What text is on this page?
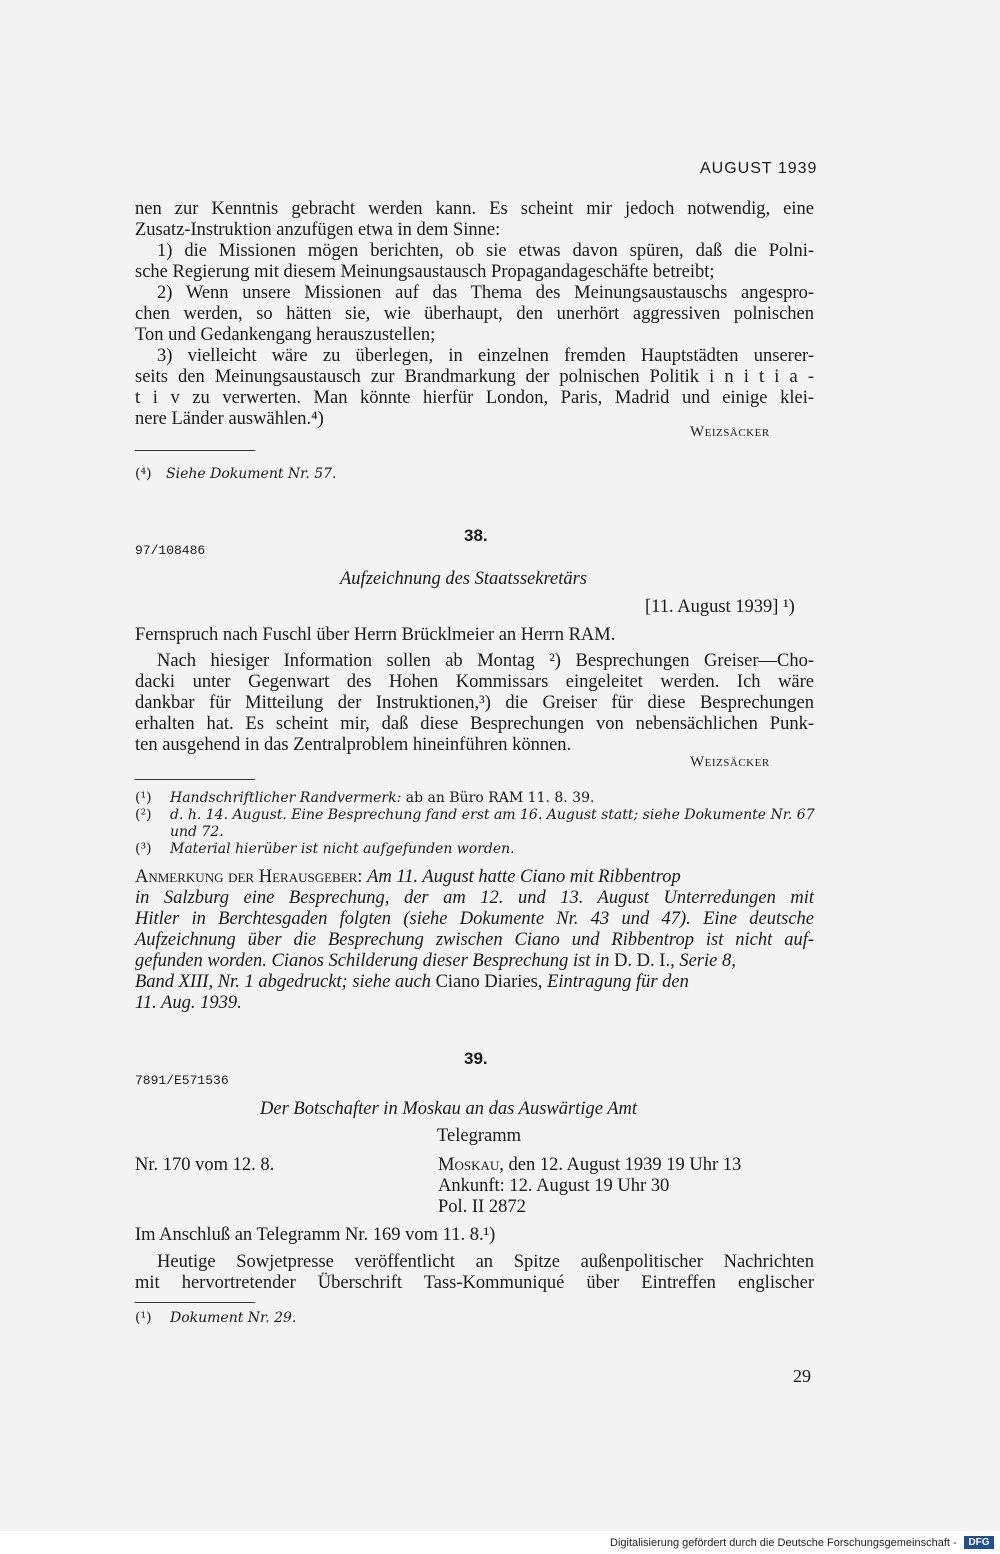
AUGUST 1939
nen zur Kenntnis gebracht werden kann. Es scheint mir jedoch notwendig, eine
Zusatz-Instruktion anzufügen etwa in dem Sinne:
1) die Missionen mögen berichten, ob sie etwas davon spüren, daß die Polni-
sche Regierung mit diesem Meinungsaustausch Propagandageschäfte betreibt;
2) Wenn unsere Missionen auf das Thema des Meinungsaustauschs angespro-
chen werden, so hätten sie, wie überhaupt, den unerhört aggressiven polnischen
Ton und Gedankengang herauszustellen;
3) vielleicht wäre zu überlegen, in einzelnen fremden Hauptstädten unserer-
seits den Meinungsaustausch zur Brandmarkung der polnischen Politik i n i t i a -
t i v zu verwerten. Man könnte hierfür London, Paris, Madrid und einige klei-
nere Länder auswählen.⁴)
Weizsäcker
(⁴) Siehe Dokument Nr. 57.
38.
97/108486
Aufzeichnung des Staatssekretärs
[11. August 1939] ¹)
Fernspruch nach Fuschl über Herrn Brücklmeier an Herrn RAM.
Nach hiesiger Information sollen ab Montag ²) Besprechungen Greiser—Cho-
dacki unter Gegenwart des Hohen Kommissars eingeleitet werden. Ich wäre
dankbar für Mitteilung der Instruktionen,³) die Greiser für diese Besprechungen
erhalten hat. Es scheint mir, daß diese Besprechungen von nebensächlichen Punk-
ten ausgehend in das Zentralproblem hineinführen können.
Weizsäcker
(¹) Handschriftlicher Randvermerk: ab an Büro RAM 11. 8. 39.
(²) d. h. 14. August. Eine Besprechung fand erst am 16. August statt; siehe Dokumente Nr. 67
und 72.
(³) Material hierüber ist nicht aufgefunden worden.
Anmerkung der Herausgeber: Am 11. August hatte Ciano mit Ribbentrop
in Salzburg eine Besprechung, der am 12. und 13. August Unterredungen mit
Hitler in Berchtesgaden folgten (siehe Dokumente Nr. 43 und 47). Eine deutsche
Aufzeichnung über die Besprechung zwischen Ciano und Ribbentrop ist nicht auf-
gefunden worden. Cianos Schilderung dieser Besprechung ist in D. D. I., Serie 8,
Band XIII, Nr. 1 abgedruckt; siehe auch Ciano Diaries, Eintragung für den
11. Aug. 1939.
39.
7891/E571536
Der Botschafter in Moskau an das Auswärtige Amt
Telegramm
Nr. 170 vom 12. 8.	Moskau, den 12. August 1939 19 Uhr 13
Ankunft: 12. August 19 Uhr 30
Pol. II 2872
Im Anschluß an Telegramm Nr. 169 vom 11. 8.¹)
Heutige Sowjetpresse veröffentlicht an Spitze außenpolitischer Nachrichten
mit hervortretender Überschrift Tass-Kommuniqué über Eintreffen englischer
(¹) Dokument Nr. 29.
29
Digitalisierung gefördert durch die Deutsche Forschungsgemeinschaft -	DFG
